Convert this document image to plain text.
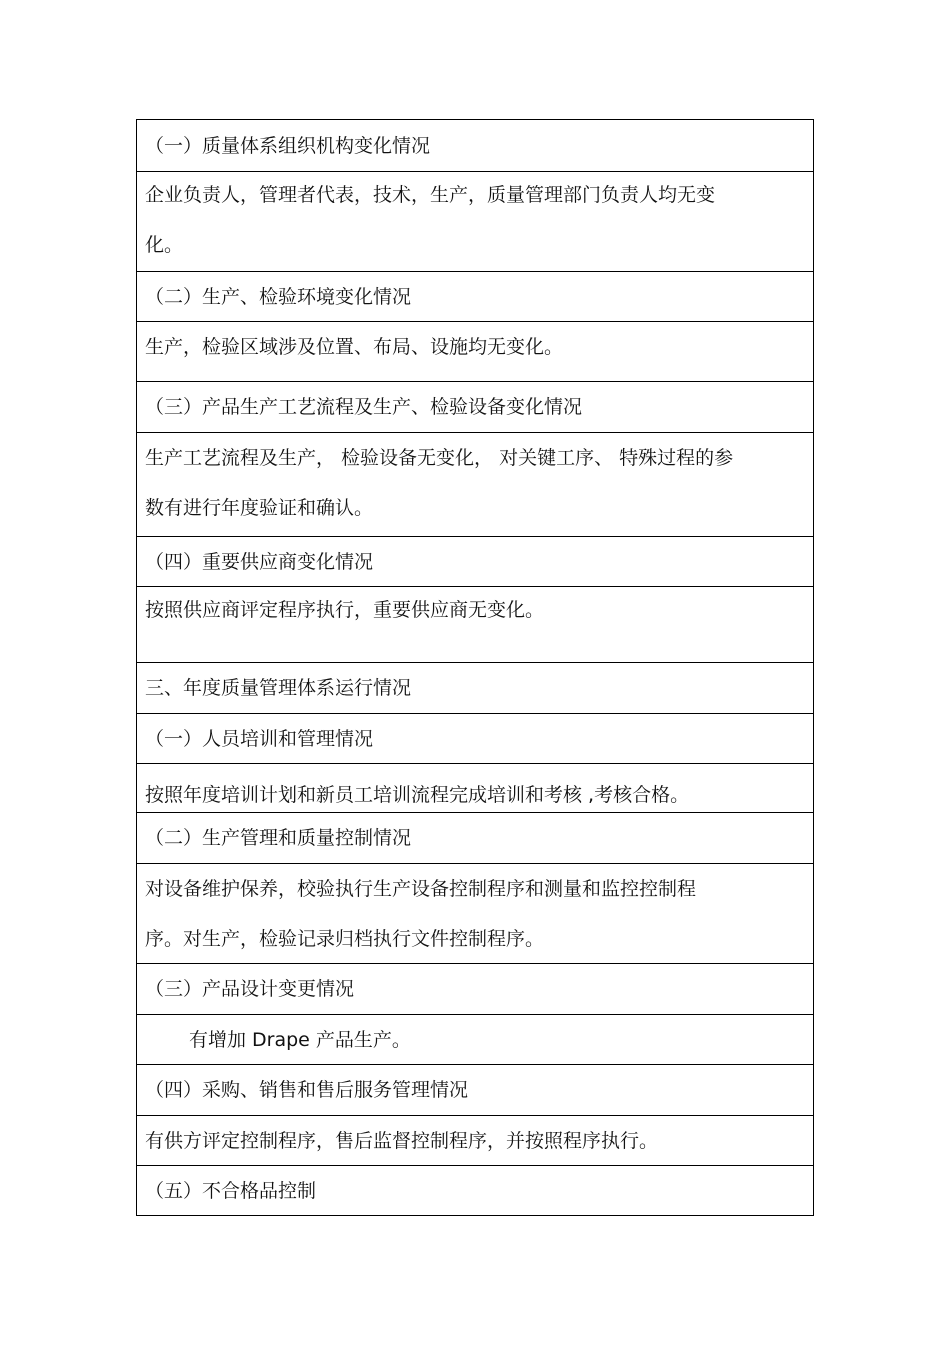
（一）质量体系组织机构变化情况
企业负责人，管理者代表，技术，生产，质量管理部门负责人均无变
化。
（二）生产、检验环境变化情况
生产，检验区域涉及位置、布局、设施均无变化。
（三）产品生产工艺流程及生产、检验设备变化情况
生产工艺流程及生产， 检验设备无变化， 对关键工序、 特殊过程的参
数有进行年度验证和确认。
（四）重要供应商变化情况
按照供应商评定程序执行，重要供应商无变化。
三、年度质量管理体系运行情况
（一）人员培训和管理情况
按照年度培训计划和新员工培训流程完成培训和考核 ,考核合格。
（二）生产管理和质量控制情况
对设备维护保养，校验执行生产设备控制程序和测量和监控控制程
序。对生产，检验记录归档执行文件控制程序。
（三）产品设计变更情况
有增加 Drape 产品生产。
（四）采购、销售和售后服务管理情况
有供方评定控制程序，售后监督控制程序，并按照程序执行。
（五）不合格品控制
